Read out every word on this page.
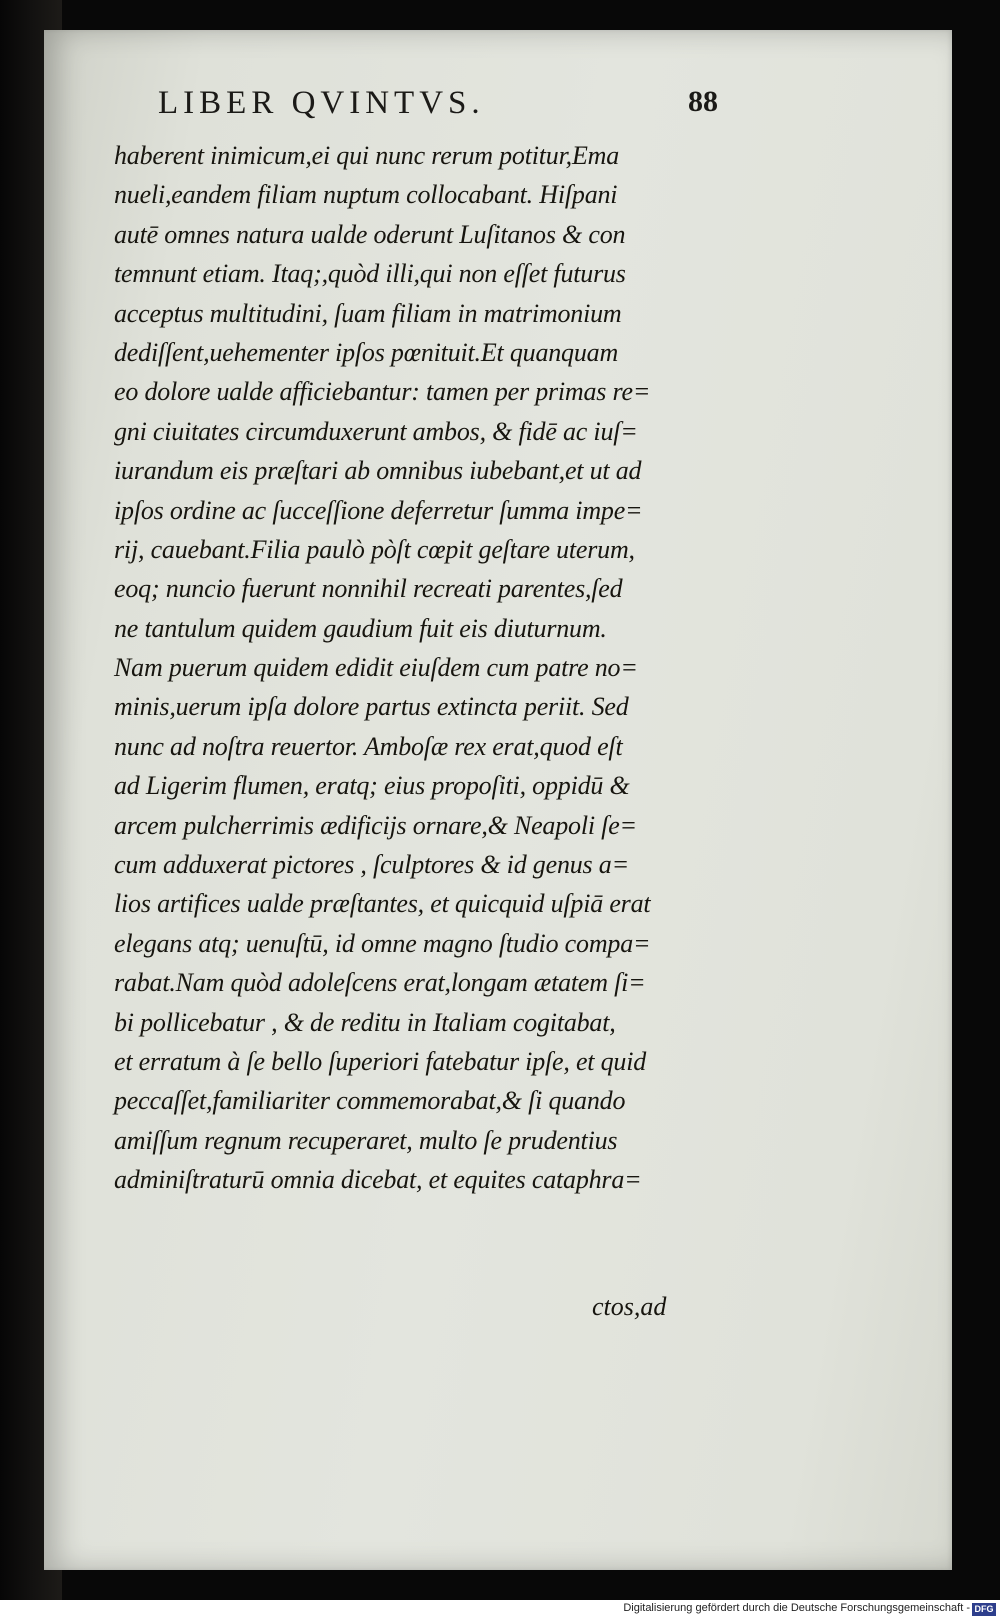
LIBER QVINTVS.	88
haberent inimicum,ei qui nunc rerum potitur,Ema
nueli,eandem filiam nuptum collocabant. Hiſpani
autē omnes natura ualde oderunt Luſitanos & con
temnunt etiam. Itaq;,quòd illi,qui non eſſet futurus
acceptus multitudini, ſuam filiam in matrimonium
dediſſent,uehementer ipſos pœnituit.Et quanquam
eo dolore ualde afficiebantur: tamen per primas re=
gni ciuitates circumduxerunt ambos, & fidē ac iuſ=
iurandum eis præſtari ab omnibus iubebant,et ut ad
ipſos ordine ac ſucceſſione deferretur ſumma impe=
rij, cauebant.Filia paulò pòſt cœpit geſtare uterum,
eoq; nuncio fuerunt nonnihil recreati parentes,ſed
ne tantulum quidem gaudium fuit eis diuturnum.
Nam puerum quidem edidit eiuſdem cum patre no=
minis,uerum ipſa dolore partus extincta periit. Sed
nunc ad noſtra reuertor. Amboſæ rex erat,quod eſt
ad Ligerim flumen, eratq; eius propoſiti, oppidū &
arcem pulcherrimis ædificijs ornare,& Neapoli ſe=
cum adduxerat pictores , ſculptores & id genus a=
lios artifices ualde præſtantes, et quicquid uſpiā erat
elegans atq; uenuſtū, id omne magno ſtudio compa=
rabat.Nam quòd adoleſcens erat,longam ætatem ſi=
bi pollicebatur , & de reditu in Italiam cogitabat,
et erratum à ſe bello ſuperiori fatebatur ipſe, et quid
peccaſſet,familiariter commemorabat,& ſi quando
amiſſum regnum recuperaret, multo ſe prudentius
adminiſtraturū omnia dicebat, et equites cataphra=
ctos,ad
Digitalisierung gefördert durch die Deutsche Forschungsgemeinschaft - DFG
